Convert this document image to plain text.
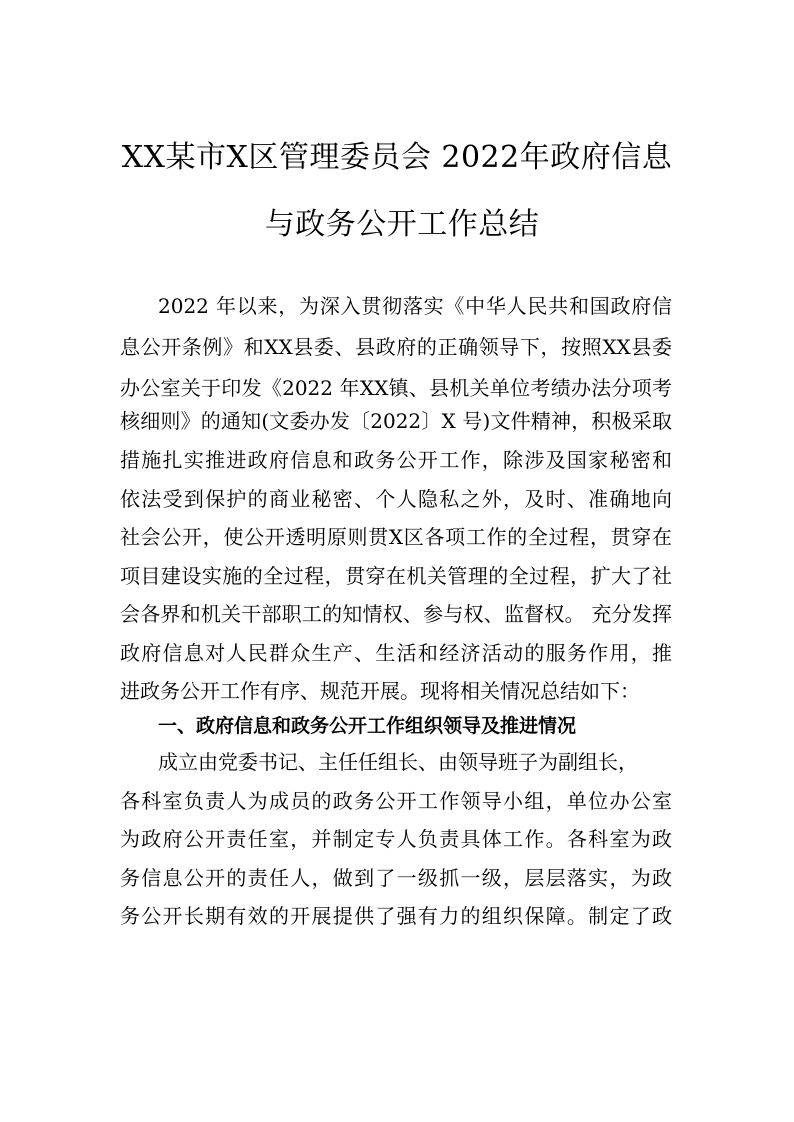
XX某市X区管理委员会 2022年政府信息
与政务公开工作总结
2022 年以来，为深入贯彻落实《中华人民共和国政府信
息公开条例》和XX县委、县政府的正确领导下，按照XX县委
办公室关于印发《2022 年XX镇、县机关单位考绩办法分项考
核细则》的通知(文委办发〔2022〕X 号)文件精神，积极采取
措施扎实推进政府信息和政务公开工作，除涉及国家秘密和
依法受到保护的商业秘密、个人隐私之外，及时、准确地向
社会公开，使公开透明原则贯X区各项工作的全过程，贯穿在
项目建设实施的全过程，贯穿在机关管理的全过程，扩大了社
会各界和机关干部职工的知情权、参与权、监督权。 充分发挥
政府信息对人民群众生产、生活和经济活动的服务作用，推
进政务公开工作有序、规范开展。现将相关情况总结如下：
一、政府信息和政务公开工作组织领导及推进情况
成立由党委书记、主任任组长、由领导班子为副组长，
各科室负责人为成员的政务公开工作领导小组，单位办公室
为政府公开责任室，并制定专人负责具体工作。各科室为政
务信息公开的责任人，做到了一级抓一级，层层落实，为政
务公开长期有效的开展提供了强有力的组织保障。制定了政
